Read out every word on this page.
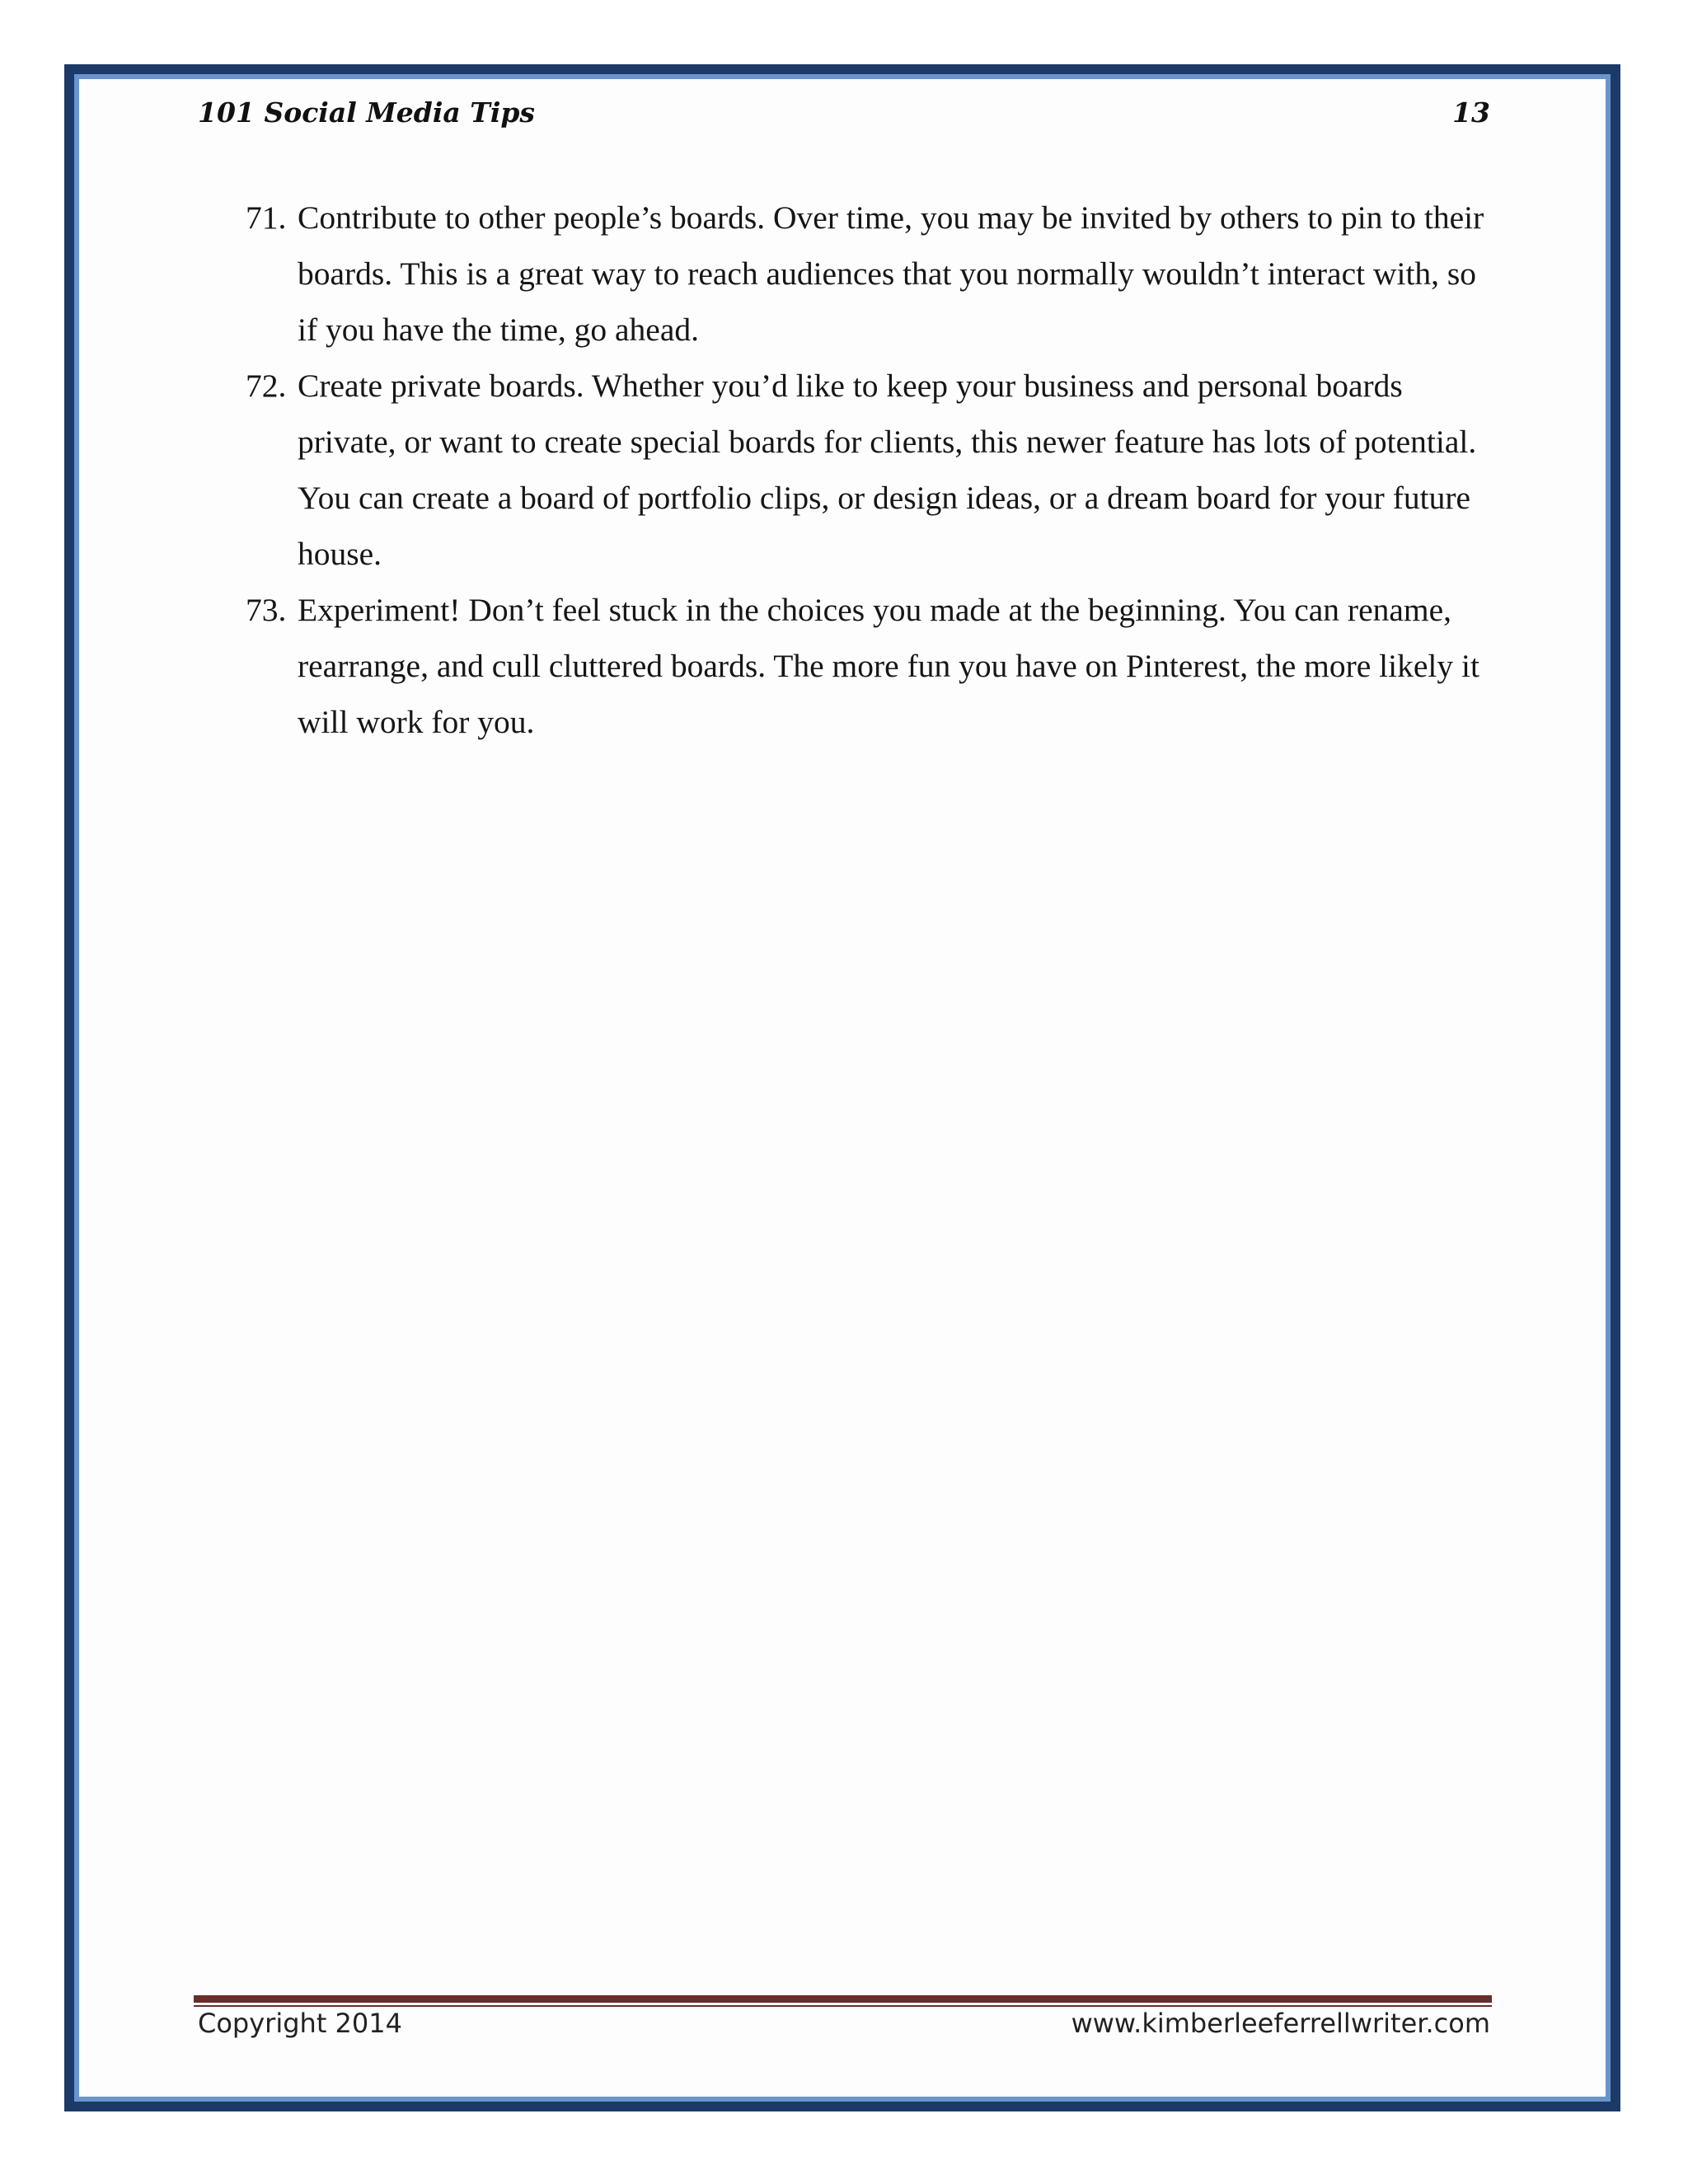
101 Social Media Tips	13
71. Contribute to other people’s boards. Over time, you may be invited by others to pin to their boards. This is a great way to reach audiences that you normally wouldn’t interact with, so if you have the time, go ahead.
72. Create private boards. Whether you’d like to keep your business and personal boards private, or want to create special boards for clients, this newer feature has lots of potential. You can create a board of portfolio clips, or design ideas, or a dream board for your future house.
73. Experiment! Don’t feel stuck in the choices you made at the beginning. You can rename, rearrange, and cull cluttered boards. The more fun you have on Pinterest, the more likely it will work for you.
Copyright 2014	www.kimberleeferrellwriter.com
